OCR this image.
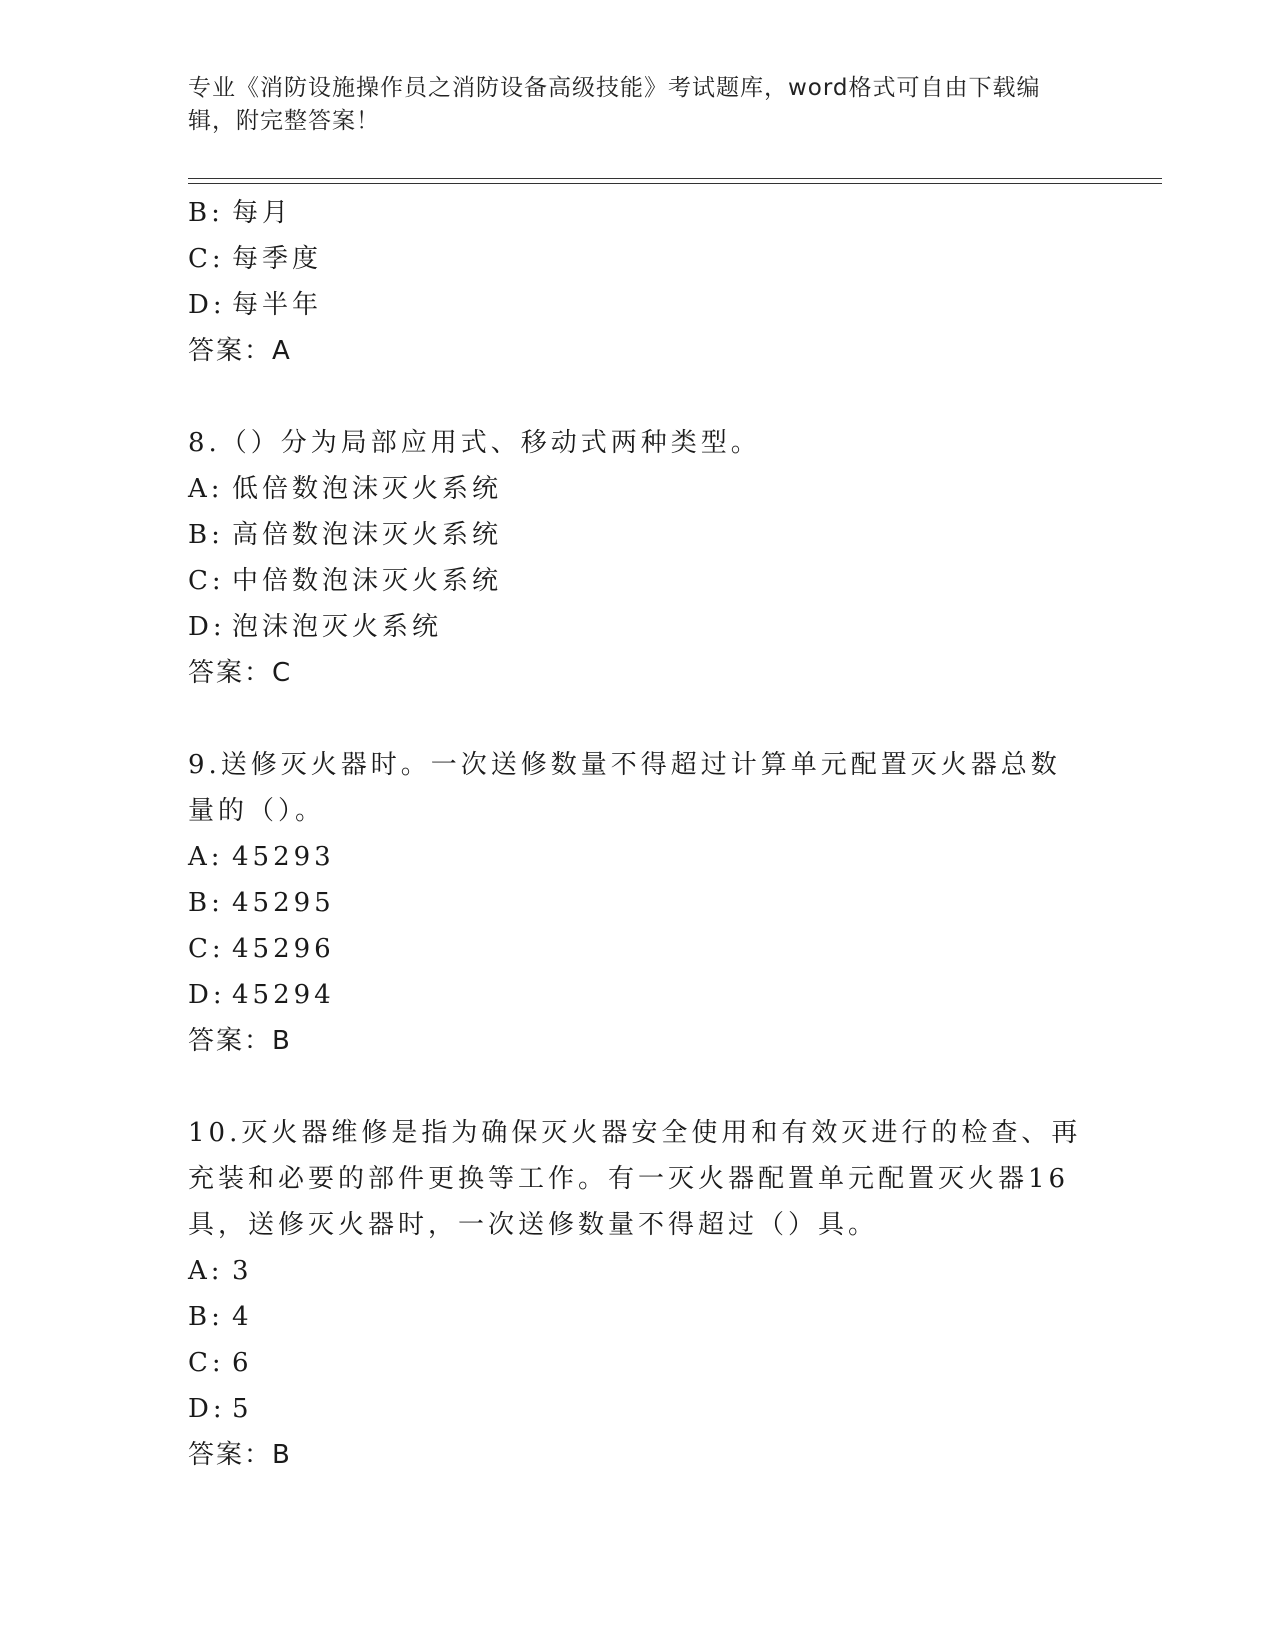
专业《消防设施操作员之消防设备高级技能》考试题库，word格式可自由下载编辑，附完整答案！
B: 每月
C: 每季度
D: 每半年
答案：A
8.（）分为局部应用式、移动式两种类型。
A: 低倍数泡沫灭火系统
B: 高倍数泡沫灭火系统
C: 中倍数泡沫灭火系统
D: 泡沫泡灭火系统
答案：C
9.送修灭火器时。一次送修数量不得超过计算单元配置灭火器总数量的（）。
A: 45293
B: 45295
C: 45296
D: 45294
答案：B
10.灭火器维修是指为确保灭火器安全使用和有效灭进行的检查、再充装和必要的部件更换等工作。有一灭火器配置单元配置灭火器16具，送修灭火器时，一次送修数量不得超过（）具。
A: 3
B: 4
C: 6
D: 5
答案：B
